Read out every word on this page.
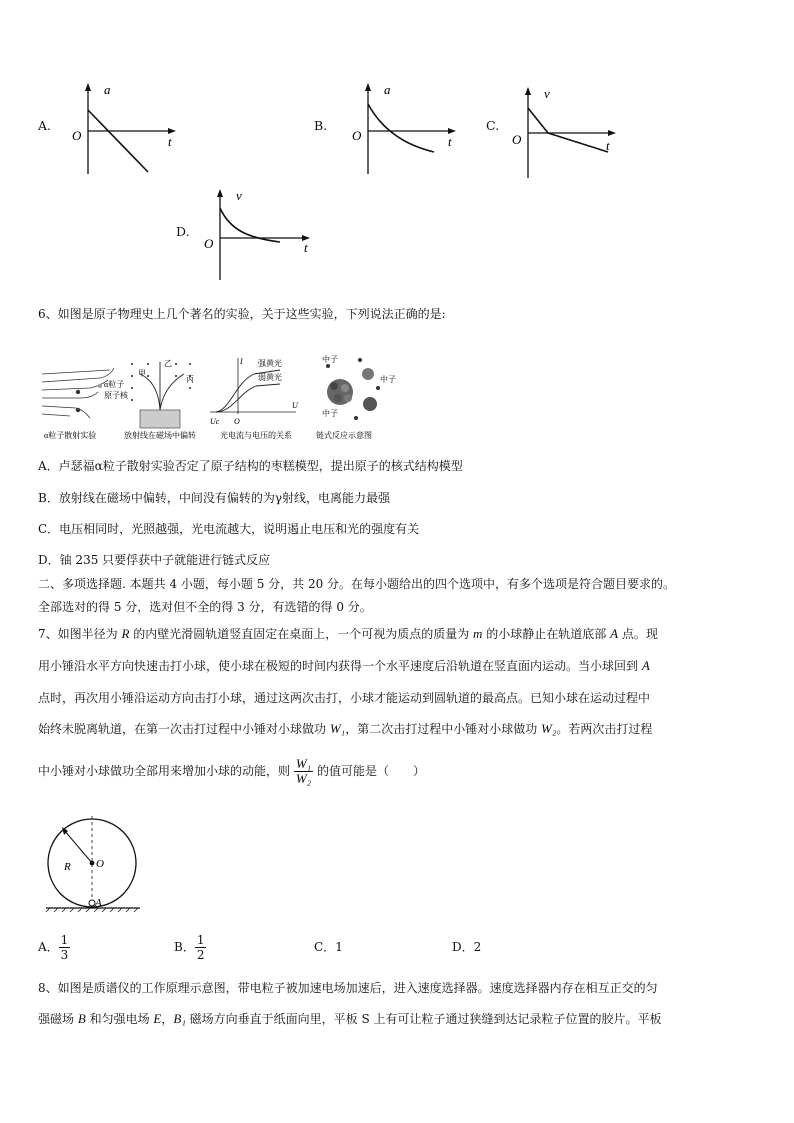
A.
a
O	t
B.
a
O	t
C.
v
O	t
D.
v
O	t
6、如图是原子物理史上几个著名的实验，关于这些实验，下列说法正确的是:
α粒子
原子核
α粒子散射实验
甲
乙
丙
放射线在磁场中偏转
I
U
Uc O
强黄光
弱黄光
光电流与电压的关系
中子
中子
中子
链式反应示意图
A．卢瑟福α粒子散射实验否定了原子结构的枣糕模型，提出原子的核式结构模型
B．放射线在磁场中偏转，中间没有偏转的为γ射线，电离能力最强
C．电压相同时，光照越强，光电流越大，说明遏止电压和光的强度有关
D．铀 235 只要俘获中子就能进行链式反应
二、多项选择题. 本题共 4 小题，每小题 5 分，共 20 分。在每小题给出的四个选项中，有多个选项是符合题目要求的。
全部选对的得 5 分，选对但不全的得 3 分，有选错的得 0 分。
7、如图半径为 R 的内壁光滑圆轨道竖直固定在桌面上，一个可视为质点的质量为 m 的小球静止在轨道底部 A 点。现
用小锤沿水平方向快速击打小球，使小球在极短的时间内获得一个水平速度后沿轨道在竖直面内运动。当小球回到 A
点时，再次用小锤沿运动方向击打小球，通过这两次击打，小球才能运动到圆轨道的最高点。已知小球在运动过程中
始终未脱离轨道，在第一次击打过程中小锤对小球做功 W₁，第二次击打过程中小锤对小球做功 W₂。若两次击打过程
中小锤对小球做功全部用来增加小球的动能，则 $\frac{\text{W₁}}{\text{W₂}}$ 的值可能是（　　）
R O
A
A． $\frac{1}{3}$	B． $\frac{1}{2}$	C．1	D．2
8、如图是质谱仪的工作原理示意图，带电粒子被加速电场加速后，进入速度选择器。速度选择器内存在相互正交的匀
强磁场 B 和匀强电场 E，B₁ 磁场方向垂直于纸面向里，平板 S 上有可让粒子通过狭缝到达记录粒子位置的胶片。平板
